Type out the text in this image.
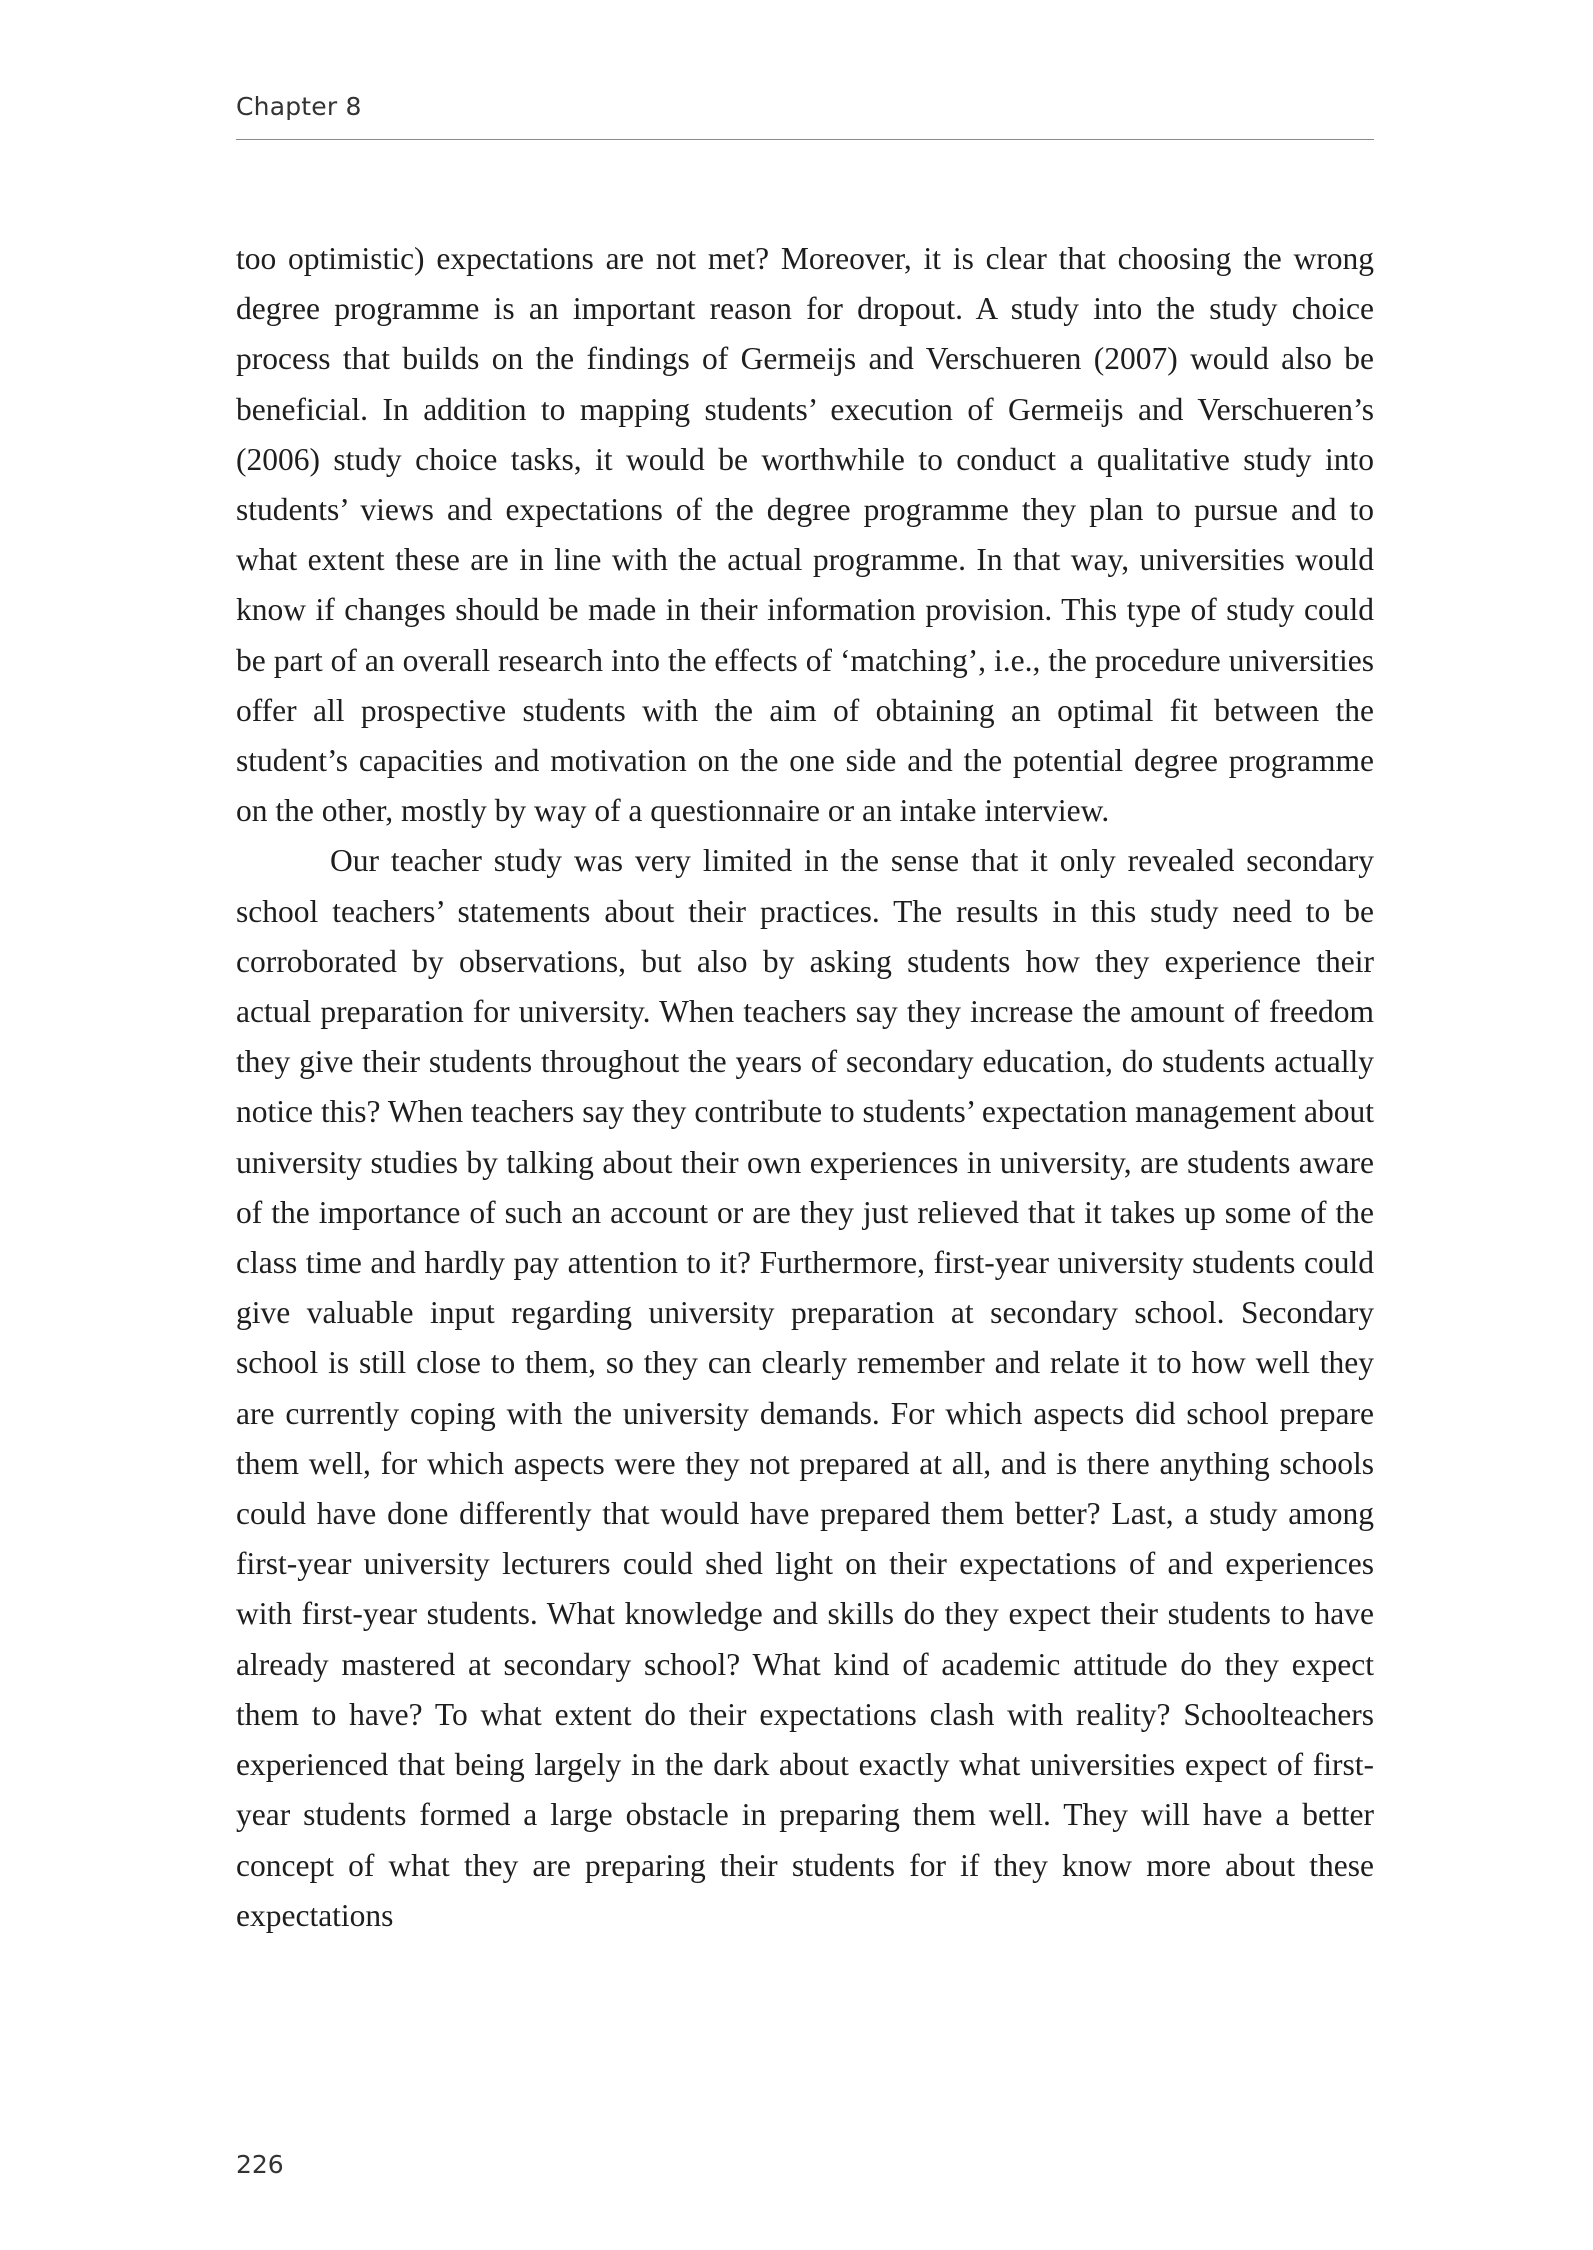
Chapter 8

too optimistic) expectations are not met? Moreover, it is clear that choosing the wrong degree programme is an important reason for dropout. A study into the study choice process that builds on the findings of Germeijs and Verschueren (2007) would also be beneficial. In addition to mapping students’ execution of Germeijs and Verschueren’s (2006) study choice tasks, it would be worthwhile to conduct a qualitative study into students’ views and expectations of the degree programme they plan to pursue and to what extent these are in line with the actual programme. In that way, universities would know if changes should be made in their information provision. This type of study could be part of an overall research into the effects of ‘matching’, i.e., the procedure universities offer all prospective students with the aim of obtaining an optimal fit between the student’s capacities and motivation on the one side and the potential degree programme on the other, mostly by way of a questionnaire or an intake interview.

Our teacher study was very limited in the sense that it only revealed secondary school teachers’ statements about their practices. The results in this study need to be corroborated by observations, but also by asking students how they experience their actual preparation for university. When teachers say they increase the amount of freedom they give their students throughout the years of secondary education, do students actually notice this? When teachers say they contribute to students’ expectation management about university studies by talking about their own experiences in university, are students aware of the importance of such an account or are they just relieved that it takes up some of the class time and hardly pay attention to it? Furthermore, first-year university students could give valuable input regarding university preparation at secondary school. Secondary school is still close to them, so they can clearly remember and relate it to how well they are currently coping with the university demands. For which aspects did school prepare them well, for which aspects were they not prepared at all, and is there anything schools could have done differently that would have prepared them better? Last, a study among first-year university lecturers could shed light on their expectations of and experiences with first-year students. What knowledge and skills do they expect their students to have already mastered at secondary school? What kind of academic attitude do they expect them to have? To what extent do their expectations clash with reality? Schoolteachers experienced that being largely in the dark about exactly what universities expect of first-year students formed a large obstacle in preparing them well. They will have a better concept of what they are preparing their students for if they know more about these expectations

226
